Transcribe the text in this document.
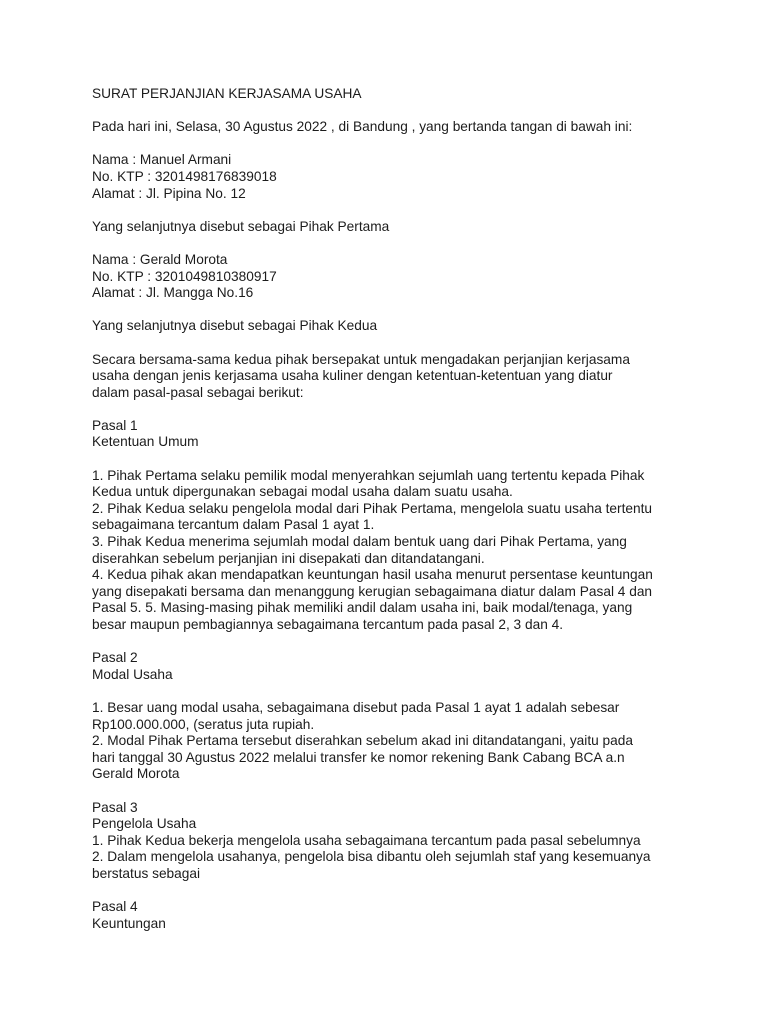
SURAT PERJANJIAN KERJASAMA USAHA
Pada hari ini, Selasa, 30 Agustus 2022 , di Bandung , yang bertanda tangan di bawah ini:
Nama : Manuel Armani
No. KTP : 3201498176839018
Alamat : Jl. Pipina No. 12
Yang selanjutnya disebut sebagai Pihak Pertama
Nama : Gerald Morota
No. KTP : 3201049810380917
Alamat : Jl. Mangga No.16
Yang selanjutnya disebut sebagai Pihak Kedua
Secara bersama-sama kedua pihak bersepakat untuk mengadakan perjanjian kerjasama
usaha dengan jenis kerjasama usaha kuliner dengan ketentuan-ketentuan yang diatur
dalam pasal-pasal sebagai berikut:
Pasal 1
Ketentuan Umum
1. Pihak Pertama selaku pemilik modal menyerahkan sejumlah uang tertentu kepada Pihak
Kedua untuk dipergunakan sebagai modal usaha dalam suatu usaha.
2. Pihak Kedua selaku pengelola modal dari Pihak Pertama, mengelola suatu usaha tertentu
sebagaimana tercantum dalam Pasal 1 ayat 1.
3. Pihak Kedua menerima sejumlah modal dalam bentuk uang dari Pihak Pertama, yang
diserahkan sebelum perjanjian ini disepakati dan ditandatangani.
4. Kedua pihak akan mendapatkan keuntungan hasil usaha menurut persentase keuntungan
yang disepakati bersama dan menanggung kerugian sebagaimana diatur dalam Pasal 4 dan
Pasal 5. 5. Masing-masing pihak memiliki andil dalam usaha ini, baik modal/tenaga, yang
besar maupun pembagiannya sebagaimana tercantum pada pasal 2, 3 dan 4.
Pasal 2
Modal Usaha
1. Besar uang modal usaha, sebagaimana disebut pada Pasal 1 ayat 1 adalah sebesar
Rp100.000.000, (seratus juta rupiah.
2. Modal Pihak Pertama tersebut diserahkan sebelum akad ini ditandatangani, yaitu pada
hari tanggal 30 Agustus 2022 melalui transfer ke nomor rekening Bank Cabang BCA a.n
Gerald Morota
Pasal 3
Pengelola Usaha
1. Pihak Kedua bekerja mengelola usaha sebagaimana tercantum pada pasal sebelumnya
2. Dalam mengelola usahanya, pengelola bisa dibantu oleh sejumlah staf yang kesemuanya
berstatus sebagai
Pasal 4
Keuntungan
